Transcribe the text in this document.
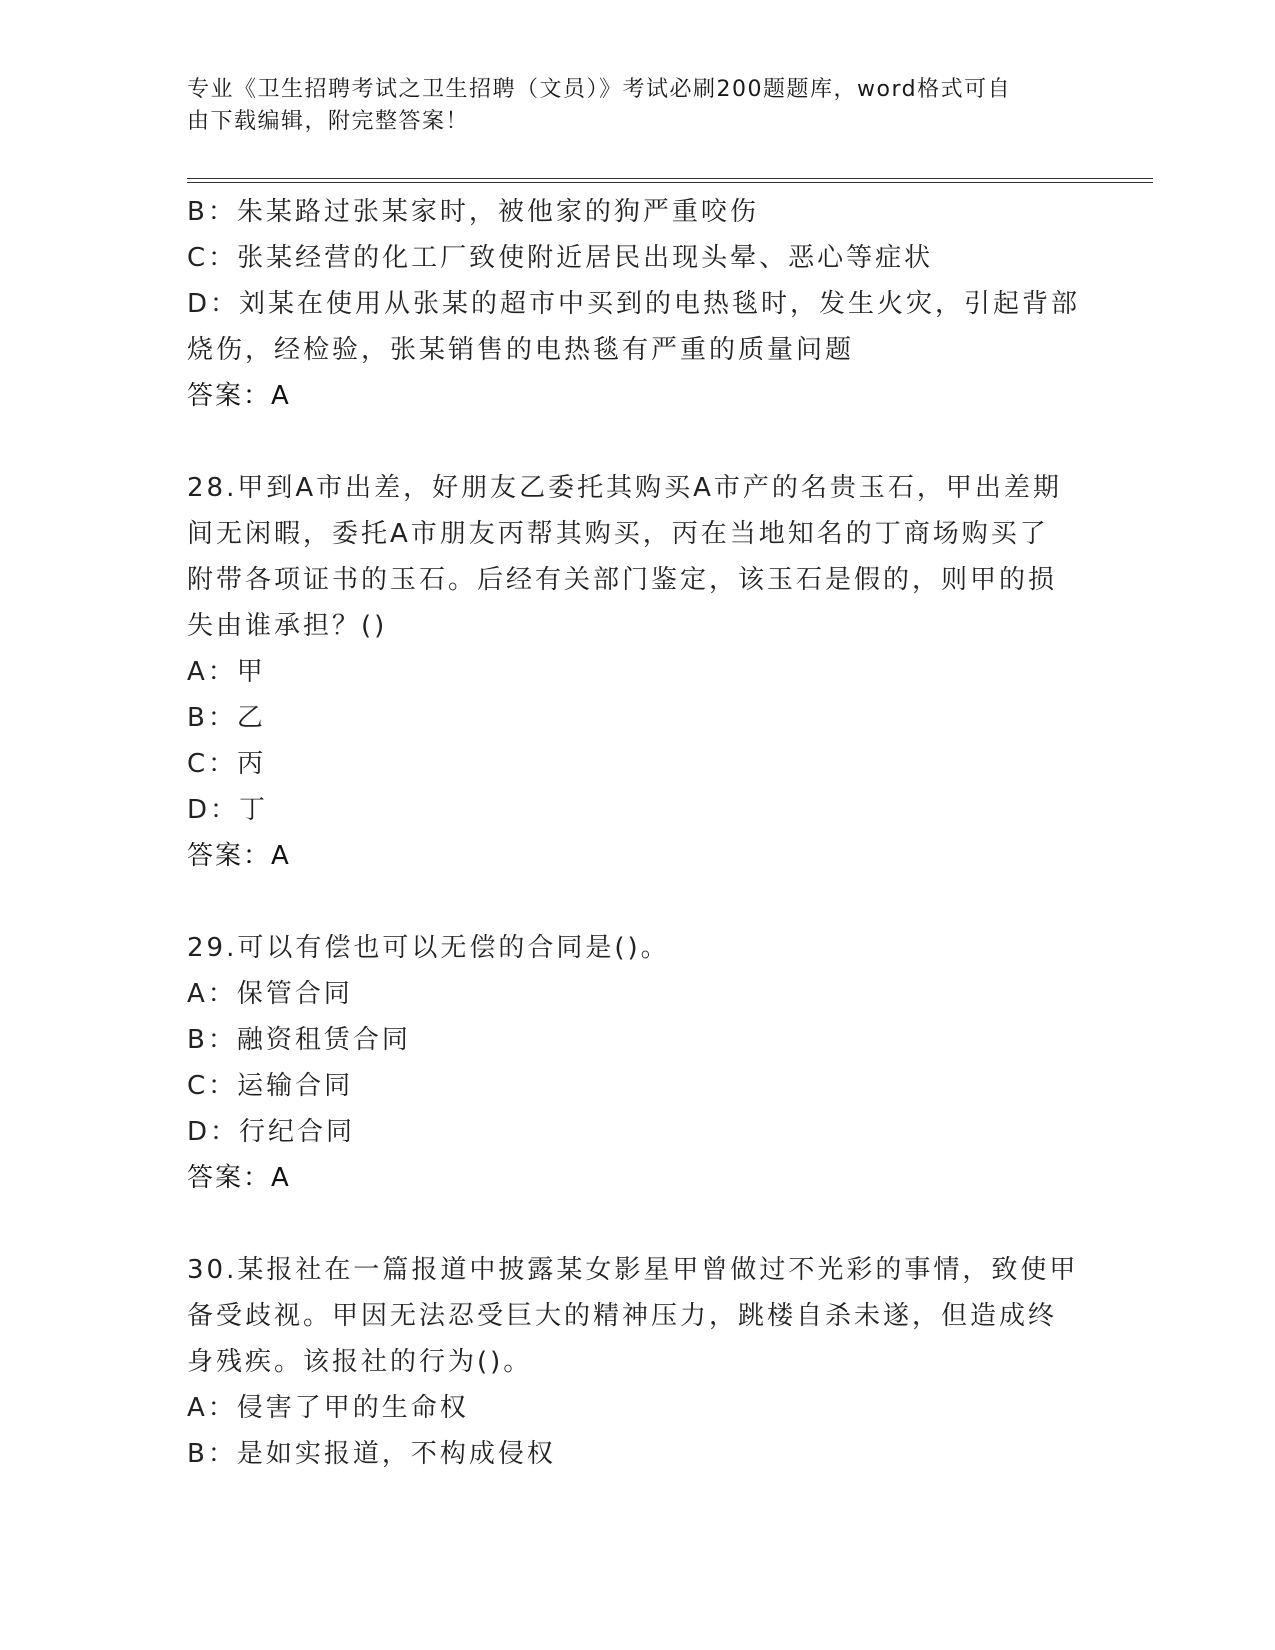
专业《卫生招聘考试之卫生招聘（文员）》考试必刷200题题库，word格式可自
由下载编辑，附完整答案！
B：朱某路过张某家时，被他家的狗严重咬伤
C：张某经营的化工厂致使附近居民出现头晕、恶心等症状
D：刘某在使用从张某的超市中买到的电热毯时，发生火灾，引起背部
烧伤，经检验，张某销售的电热毯有严重的质量问题
答案：A
28.甲到A市出差，好朋友乙委托其购买A市产的名贵玉石，甲出差期
间无闲暇，委托A市朋友丙帮其购买，丙在当地知名的丁商场购买了
附带各项证书的玉石。后经有关部门鉴定，该玉石是假的，则甲的损
失由谁承担？()
A：甲
B：乙
C：丙
D：丁
答案：A
29.可以有偿也可以无偿的合同是()。
A：保管合同
B：融资租赁合同
C：运输合同
D：行纪合同
答案：A
30.某报社在一篇报道中披露某女影星甲曾做过不光彩的事情，致使甲
备受歧视。甲因无法忍受巨大的精神压力，跳楼自杀未遂，但造成终
身残疾。该报社的行为()。
A：侵害了甲的生命权
B：是如实报道，不构成侵权
